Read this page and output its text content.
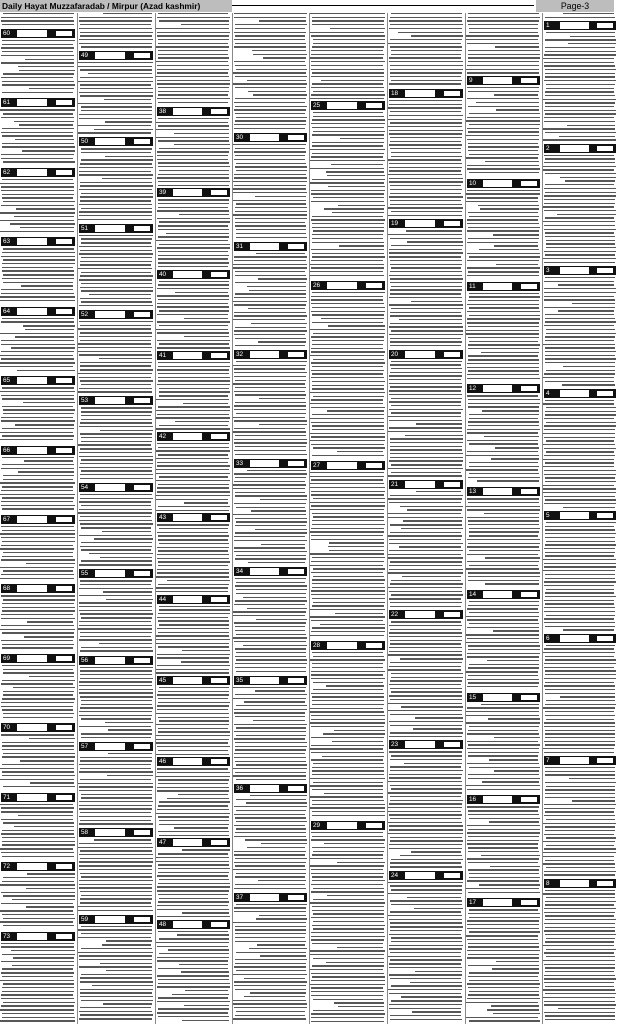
Daily Hayat Muzzafaradab / Mirpur (Azad kashmir)	Page-3
60
61
62
63
64
65
66
67
68
69
70
71
72
73
49
50
51
52
53
54
55
56
57
58
59
38
39
40
41
42
43
44
45
46
47
48
30
31
32
33
34
35
36
37
25
26
27
28
29
18
19
20
21
22
23
24
9
10
11
12
13
14
15
16
17
1
2
3
4
5
6
7
8
